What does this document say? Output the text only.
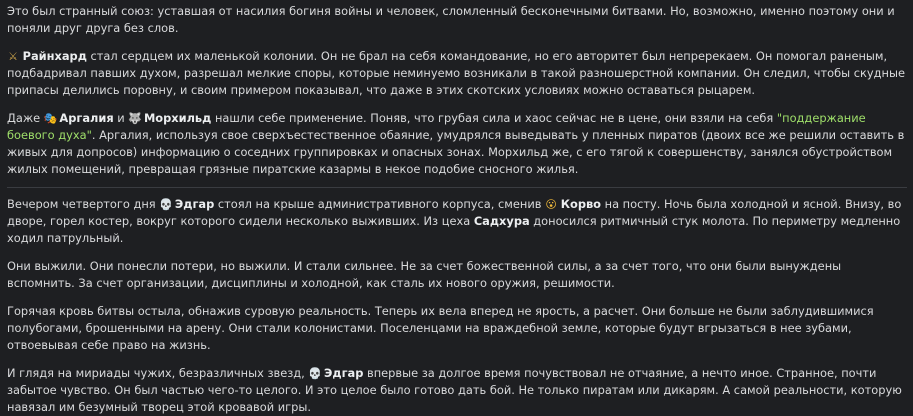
Это был странный союз: уставшая от насилия богиня войны и человек, сломленный бесконечными битвами. Но, возможно, именно поэтому они и поняли друг друга без слов.

⚔ Райнхард стал сердцем их маленькой колонии. Он не брал на себя командование, но его авторитет был непререкаем. Он помогал раненым, подбадривал павших духом, разрешал мелкие споры, которые неминуемо возникали в такой разношерстной компании. Он следил, чтобы скудные припасы делились поровну, и своим примером показывал, что даже в этих скотских условиях можно оставаться рыцарем.

Даже 🎭 Аргалия и 🐺 Морхильд нашли себе применение. Поняв, что грубая сила и хаос сейчас не в цене, они взяли на себя "поддержание боевого духа". Аргалия, используя свое сверхъестественное обаяние, умудрялся выведывать у пленных пиратов (двоих все же решили оставить в живых для допросов) информацию о соседних группировках и опасных зонах. Морхильд же, с его тягой к совершенству, занялся обустройством жилых помещений, превращая грязные пиратские казармы в некое подобие сносного жилья.

Вечером четвертого дня 💀 Эдгар стоял на крыше административного корпуса, сменив 😮 Корво на посту. Ночь была холодной и ясной. Внизу, во дворе, горел костер, вокруг которого сидели несколько выживших. Из цеха Садхура доносился ритмичный стук молота. По периметру медленно ходил патрульный.

Они выжили. Они понесли потери, но выжили. И стали сильнее. Не за счет божественной силы, а за счет того, что они были вынуждены вспомнить. За счет организации, дисциплины и холодной, как сталь их нового оружия, решимости.

Горячая кровь битвы остыла, обнажив суровую реальность. Теперь их вела вперед не ярость, а расчет. Они больше не были заблудившимися полубогами, брошенными на арену. Они стали колонистами. Поселенцами на враждебной земле, которые будут вгрызаться в нее зубами, отвоевывая себе право на жизнь.

И глядя на мириады чужих, безразличных звезд, 💀 Эдгар впервые за долгое время почувствовал не отчаяние, а нечто иное. Странное, почти забытое чувство. Он был частью чего-то целого. И это целое было готово дать бой. Не только пиратам или дикарям. А самой реальности, которую навязал им безумный творец этой кровавой игры.
